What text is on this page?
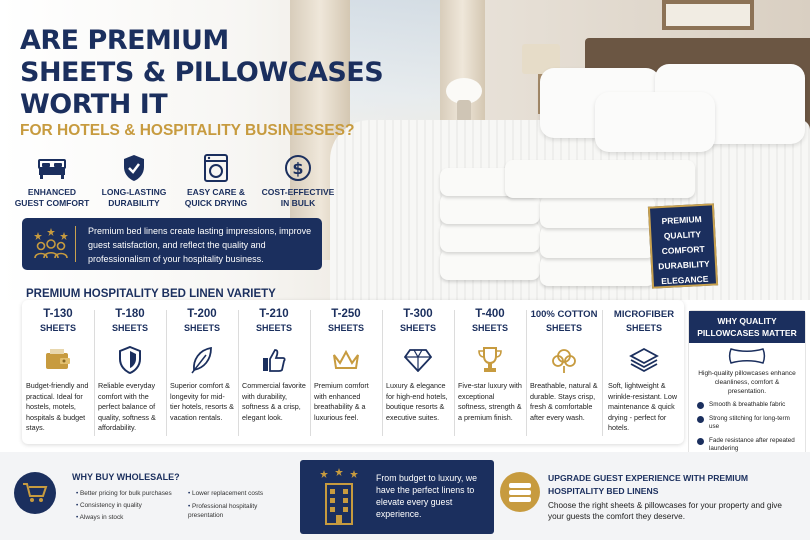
PREMIUM
QUALITY
COMFORT
DURABILITY
ELEGANCE
ARE PREMIUM
SHEETS & PILLOWCASES
WORTH IT
FOR HOTELS & HOSPITALITY BUSINESSES?
ENHANCED GUEST COMFORT
LONG-LASTING DURABILITY
EASY CARE & QUICK DRYING
$
COST-EFFECTIVE IN BULK
Premium bed linens create lasting impressions, improve guest satisfaction, and reflect the quality and professionalism of your hospitality business.
PREMIUM HOSPITALITY BED LINEN VARIETY
T-130
SHEETS
Budget-friendly and practical. Ideal for hostels, motels, hospitals & budget stays.
T-180
SHEETS
Reliable everyday comfort with the perfect balance of quality, softness & affordability.
T-200
SHEETS
Superior comfort & longevity for mid-tier hotels, resorts & vacation rentals.
T-210
SHEETS
Commercial favorite with durability, softness & a crisp, elegant look.
T-250
SHEETS
Premium comfort with enhanced breathability & a luxurious feel.
T-300
SHEETS
Luxury & elegance for high-end hotels, boutique resorts & executive suites.
T-400
SHEETS
Five-star luxury with exceptional softness, strength & a premium finish.
100% COTTON
SHEETS
Breathable, natural & durable. Stays crisp, fresh & comfortable after every wash.
MICROFIBER
SHEETS
Soft, lightweight & wrinkle-resistant. Low maintenance & quick drying - perfect for hotels.
WHY QUALITY PILLOWCASES MATTER
High-quality pillowcases enhance cleanliness, comfort & presentation.
Smooth & breathable fabric
Strong stitching for long-term use
Fade resistance after repeated laundering
WHY BUY WHOLESALE?
• Better pricing for bulk purchases
• Consistency in quality
• Always in stock
• Lower replacement costs
• Professional hospitality presentation
From budget to luxury, we have the perfect linens to elevate every guest experience.
UPGRADE GUEST EXPERIENCE WITH PREMIUM HOSPITALITY BED LINENS
Choose the right sheets & pillowcases for your property and give your guests the comfort they deserve.
